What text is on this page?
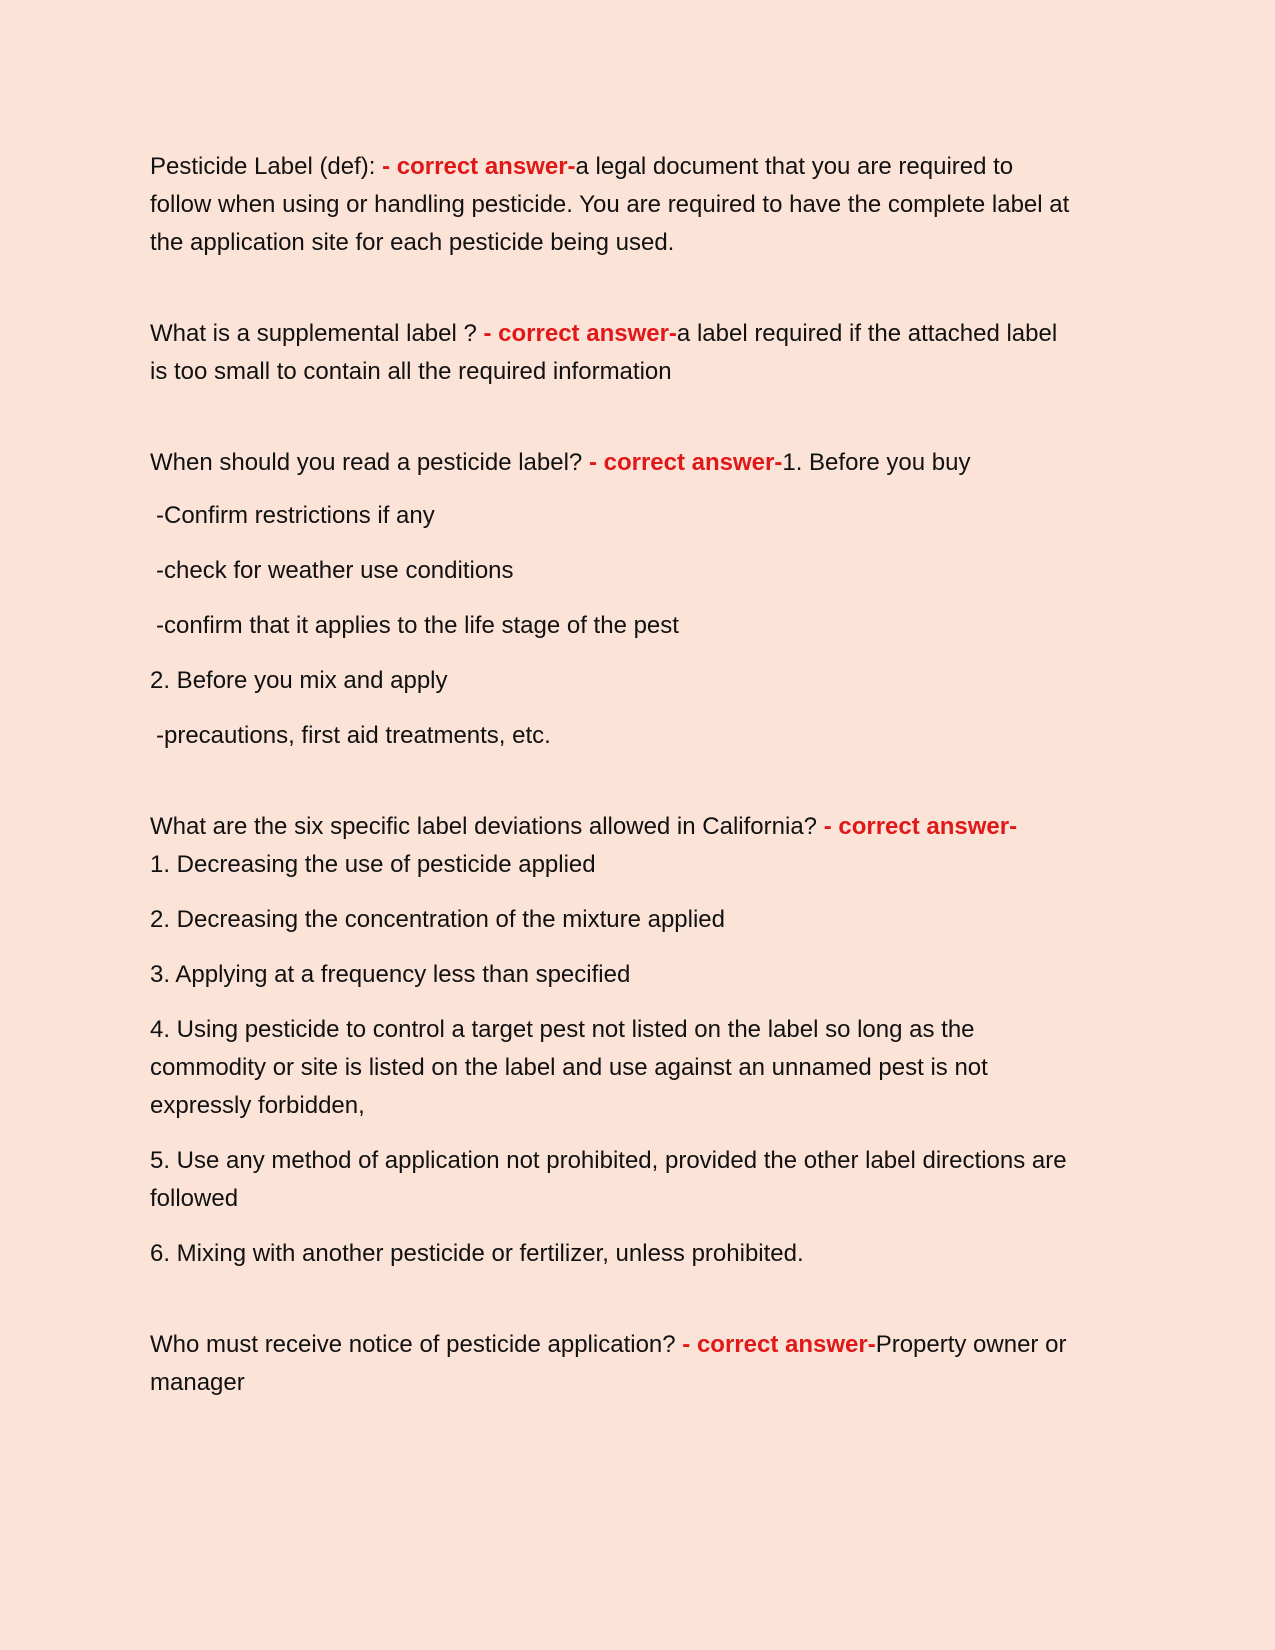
Pesticide Label (def): - correct answer-a legal document that you are required to follow when using or handling pesticide. You are required to have the complete label at the application site for each pesticide being used.
What is a supplemental label ? - correct answer-a label required if the attached label is too small to contain all the required information
When should you read a pesticide label? - correct answer-1. Before you buy
-Confirm restrictions if any
-check for weather use conditions
-confirm that it applies to the life stage of the pest
2. Before you mix and apply
-precautions, first aid treatments, etc.
What are the six specific label deviations allowed in California? - correct answer-
1. Decreasing the use of pesticide applied
2. Decreasing the concentration of the mixture applied
3. Applying at a frequency less than specified
4. Using pesticide to control a target pest not listed on the label so long as the commodity or site is listed on the label and use against an unnamed pest is not expressly forbidden,
5. Use any method of application not prohibited, provided the other label directions are followed
6. Mixing with another pesticide or fertilizer, unless prohibited.
Who must receive notice of pesticide application? - correct answer-Property owner or manager
